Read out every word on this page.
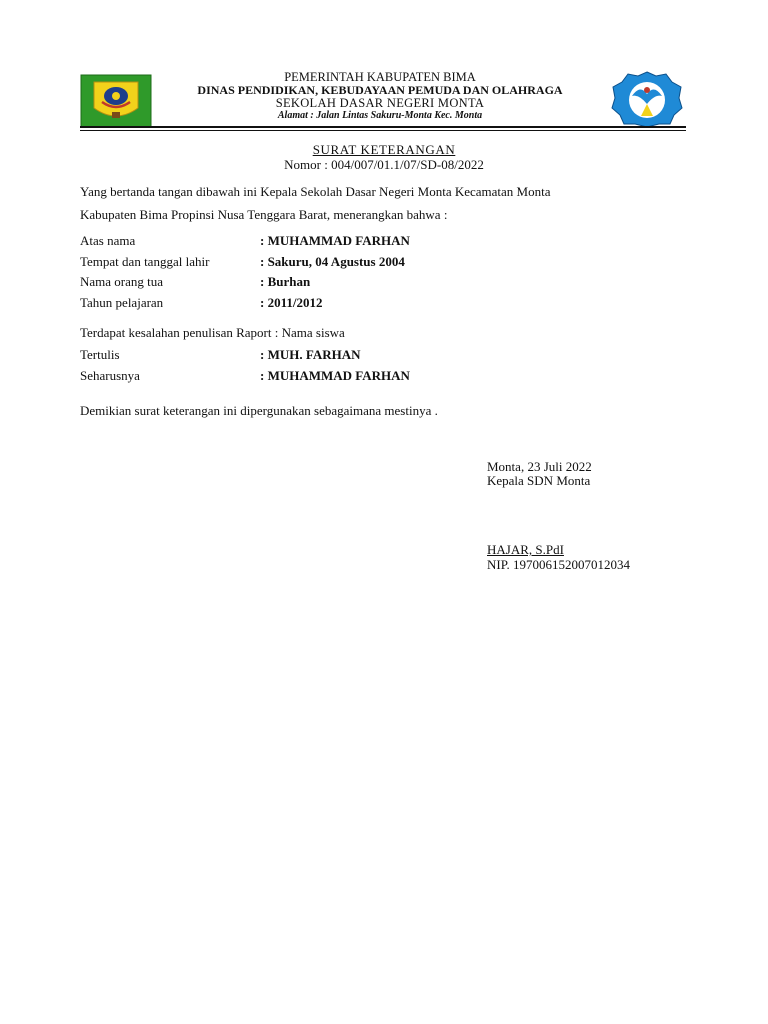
PEMERINTAH KABUPATEN BIMA
DINAS PENDIDIKAN, KEBUDAYAAN PEMUDA DAN OLAHRAGA
SEKOLAH DASAR NEGERI MONTA
Alamat : Jalan Lintas Sakuru-Monta Kec. Monta
SURAT KETERANGAN
Nomor : 004/007/01.1/07/SD-08/2022
Yang bertanda tangan dibawah ini Kepala Sekolah Dasar Negeri Monta Kecamatan Monta
Kabupaten Bima Propinsi Nusa Tenggara Barat, menerangkan bahwa :
Atas nama	: MUHAMMAD FARHAN
Tempat dan tanggal lahir	: Sakuru, 04 Agustus 2004
Nama orang tua	: Burhan
Tahun pelajaran	: 2011/2012
Terdapat kesalahan penulisan Raport : Nama siswa
Tertulis	: MUH. FARHAN
Seharusnya	: MUHAMMAD FARHAN
Demikian surat keterangan ini dipergunakan sebagaimana mestinya .
Monta, 23 Juli 2022
Kepala SDN Monta
HAJAR, S.PdI
NIP. 197006152007012034
